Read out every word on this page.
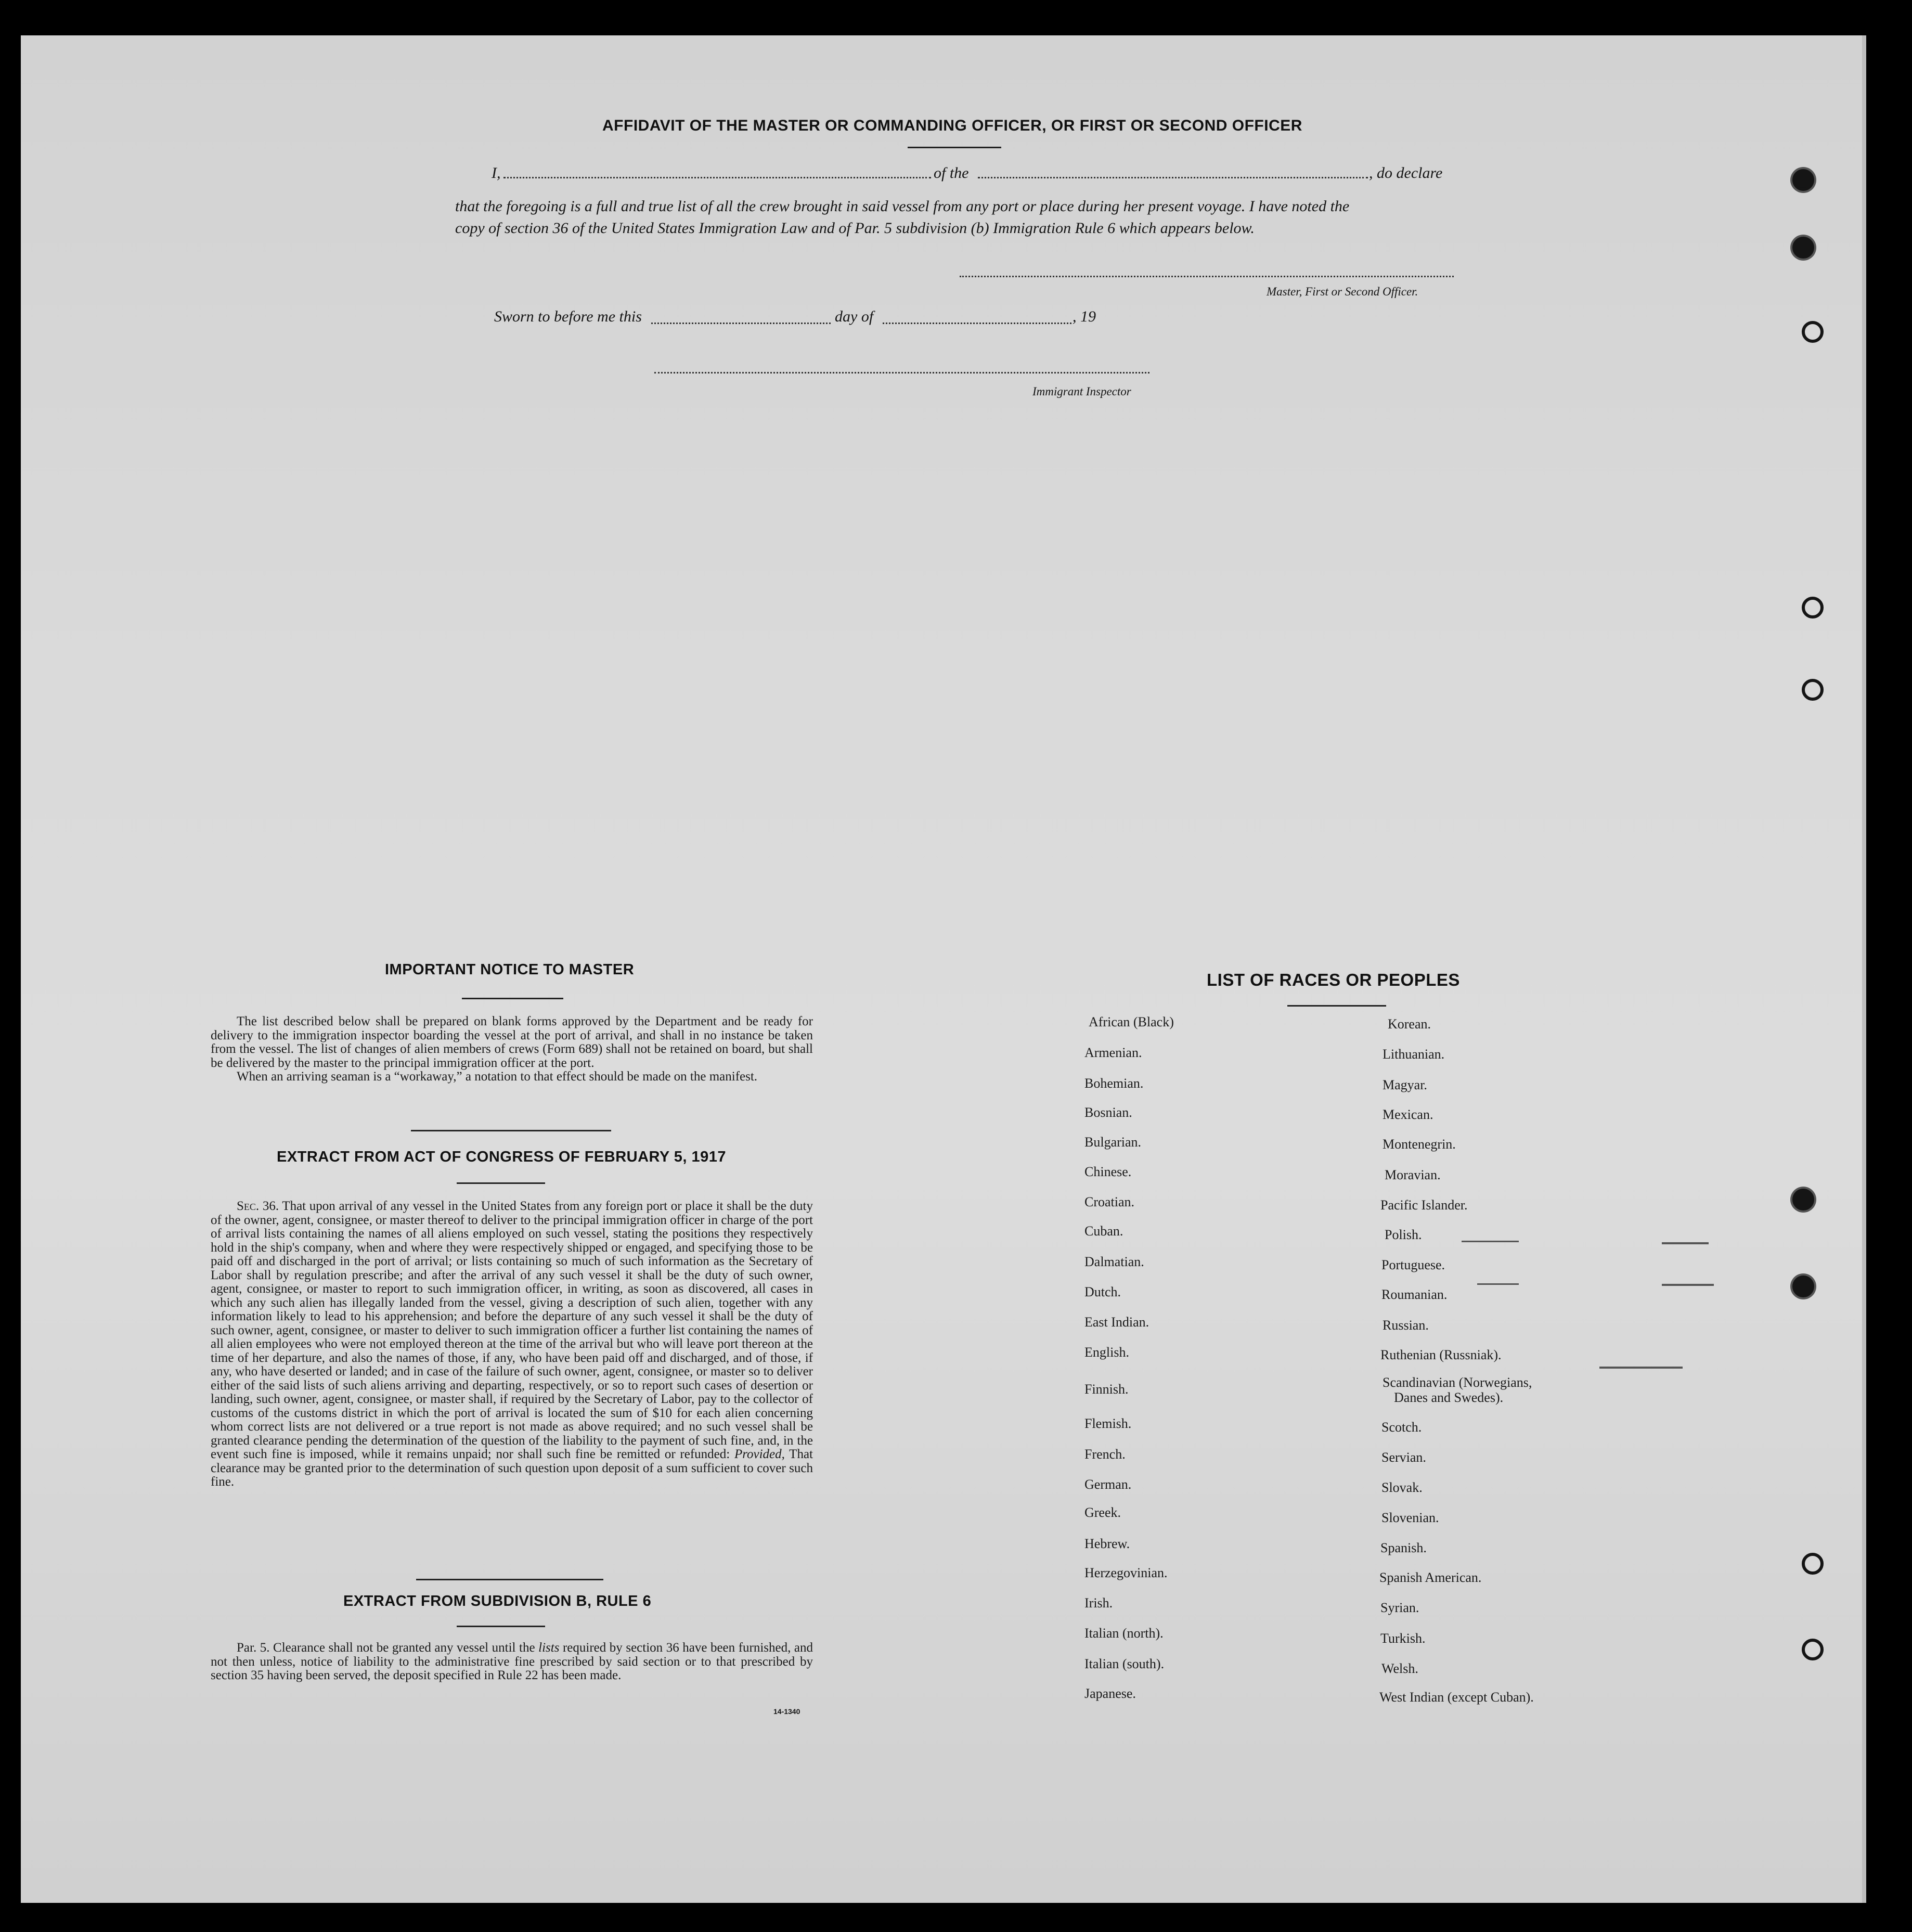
AFFIDAVIT OF THE MASTER OR COMMANDING OFFICER, OR FIRST OR SECOND OFFICER
I,	of the	, do declare

that the foregoing is a full and true list of all the crew brought in said vessel from any port or place during her present voyage. I have noted the

copy of section 36 of the United States Immigration Law and of Par. 5 subdivision (b) Immigration Rule 6 which appears below.

Master, First or Second Officer.
Sworn to before me this	day of	, 19
Immigrant Inspector
IMPORTANT NOTICE TO MASTER

The list described below shall be prepared on blank forms approved by the Department and be ready for delivery to the immigration inspector boarding the vessel at the port of arrival, and shall in no instance be taken from the vessel. The list of changes of alien members of crews (Form 689) shall not be retained on board, but shall be delivered by the master to the principal immigration officer at the port.

When an arriving seaman is a “workaway,” a notation to that effect should be made on the manifest.

EXTRACT FROM ACT OF CONGRESS OF FEBRUARY 5, 1917

Sec. 36. That upon arrival of any vessel in the United States from any foreign port or place it shall be the duty of the owner, agent, consignee, or master thereof to deliver to the principal immigration officer in charge of the port of arrival lists containing the names of all aliens employed on such vessel, stating the positions they respectively hold in the ship's company, when and where they were respectively shipped or engaged, and specifying those to be paid off and discharged in the port of arrival; or lists containing so much of such information as the Secretary of Labor shall by regulation prescribe; and after the arrival of any such vessel it shall be the duty of such owner, agent, consignee, or master to report to such immigration officer, in writing, as soon as discovered, all cases in which any such alien has illegally landed from the vessel, giving a description of such alien, together with any information likely to lead to his apprehension; and before the departure of any such vessel it shall be the duty of such owner, agent, consignee, or master to deliver to such immigration officer a further list containing the names of all alien employees who were not employed thereon at the time of the arrival but who will leave port thereon at the time of her departure, and also the names of those, if any, who have been paid off and discharged, and of those, if any, who have deserted or landed; and in case of the failure of such owner, agent, consignee, or master so to deliver either of the said lists of such aliens arriving and departing, respectively, or so to report such cases of desertion or landing, such owner, agent, consignee, or master shall, if required by the Secretary of Labor, pay to the collector of customs of the customs district in which the port of arrival is located the sum of $10 for each alien concerning whom correct lists are not delivered or a true report is not made as above required; and no such vessel shall be granted clearance pending the determination of the question of the liability to the payment of such fine, and, in the event such fine is imposed, while it remains unpaid; nor shall such fine be remitted or refunded: Provided, That clearance may be granted prior to the determination of such question upon deposit of a sum sufficient to cover such fine.

EXTRACT FROM SUBDIVISION B, RULE 6

Par. 5. Clearance shall not be granted any vessel until the lists required by section 36 have been furnished, and not then unless, notice of liability to the administrative fine prescribed by said section or to that prescribed by section 35 having been served, the deposit specified in Rule 22 has been made.

14-1340
LIST OF RACES OR PEOPLES
African (Black)
Armenian.
Bohemian.
Bosnian.
Bulgarian.
Chinese.
Croatian.
Cuban.
Dalmatian.
Dutch.
East Indian.
English.
Finnish.
Flemish.
French.
German.
Greek.
Hebrew.
Herzegovinian.
Irish.
Italian (north).
Italian (south).
Japanese.
Korean.
Lithuanian.
Magyar.
Mexican.
Montenegrin.
Moravian.
Pacific Islander.
Polish.
Portuguese.
Roumanian.
Russian.
Ruthenian (Russniak).
Scandinavian (Norwegians,
Danes and Swedes).
Scotch.
Servian.
Slovak.
Slovenian.
Spanish.
Spanish American.
Syrian.
Turkish.
Welsh.
West Indian (except Cuban).
